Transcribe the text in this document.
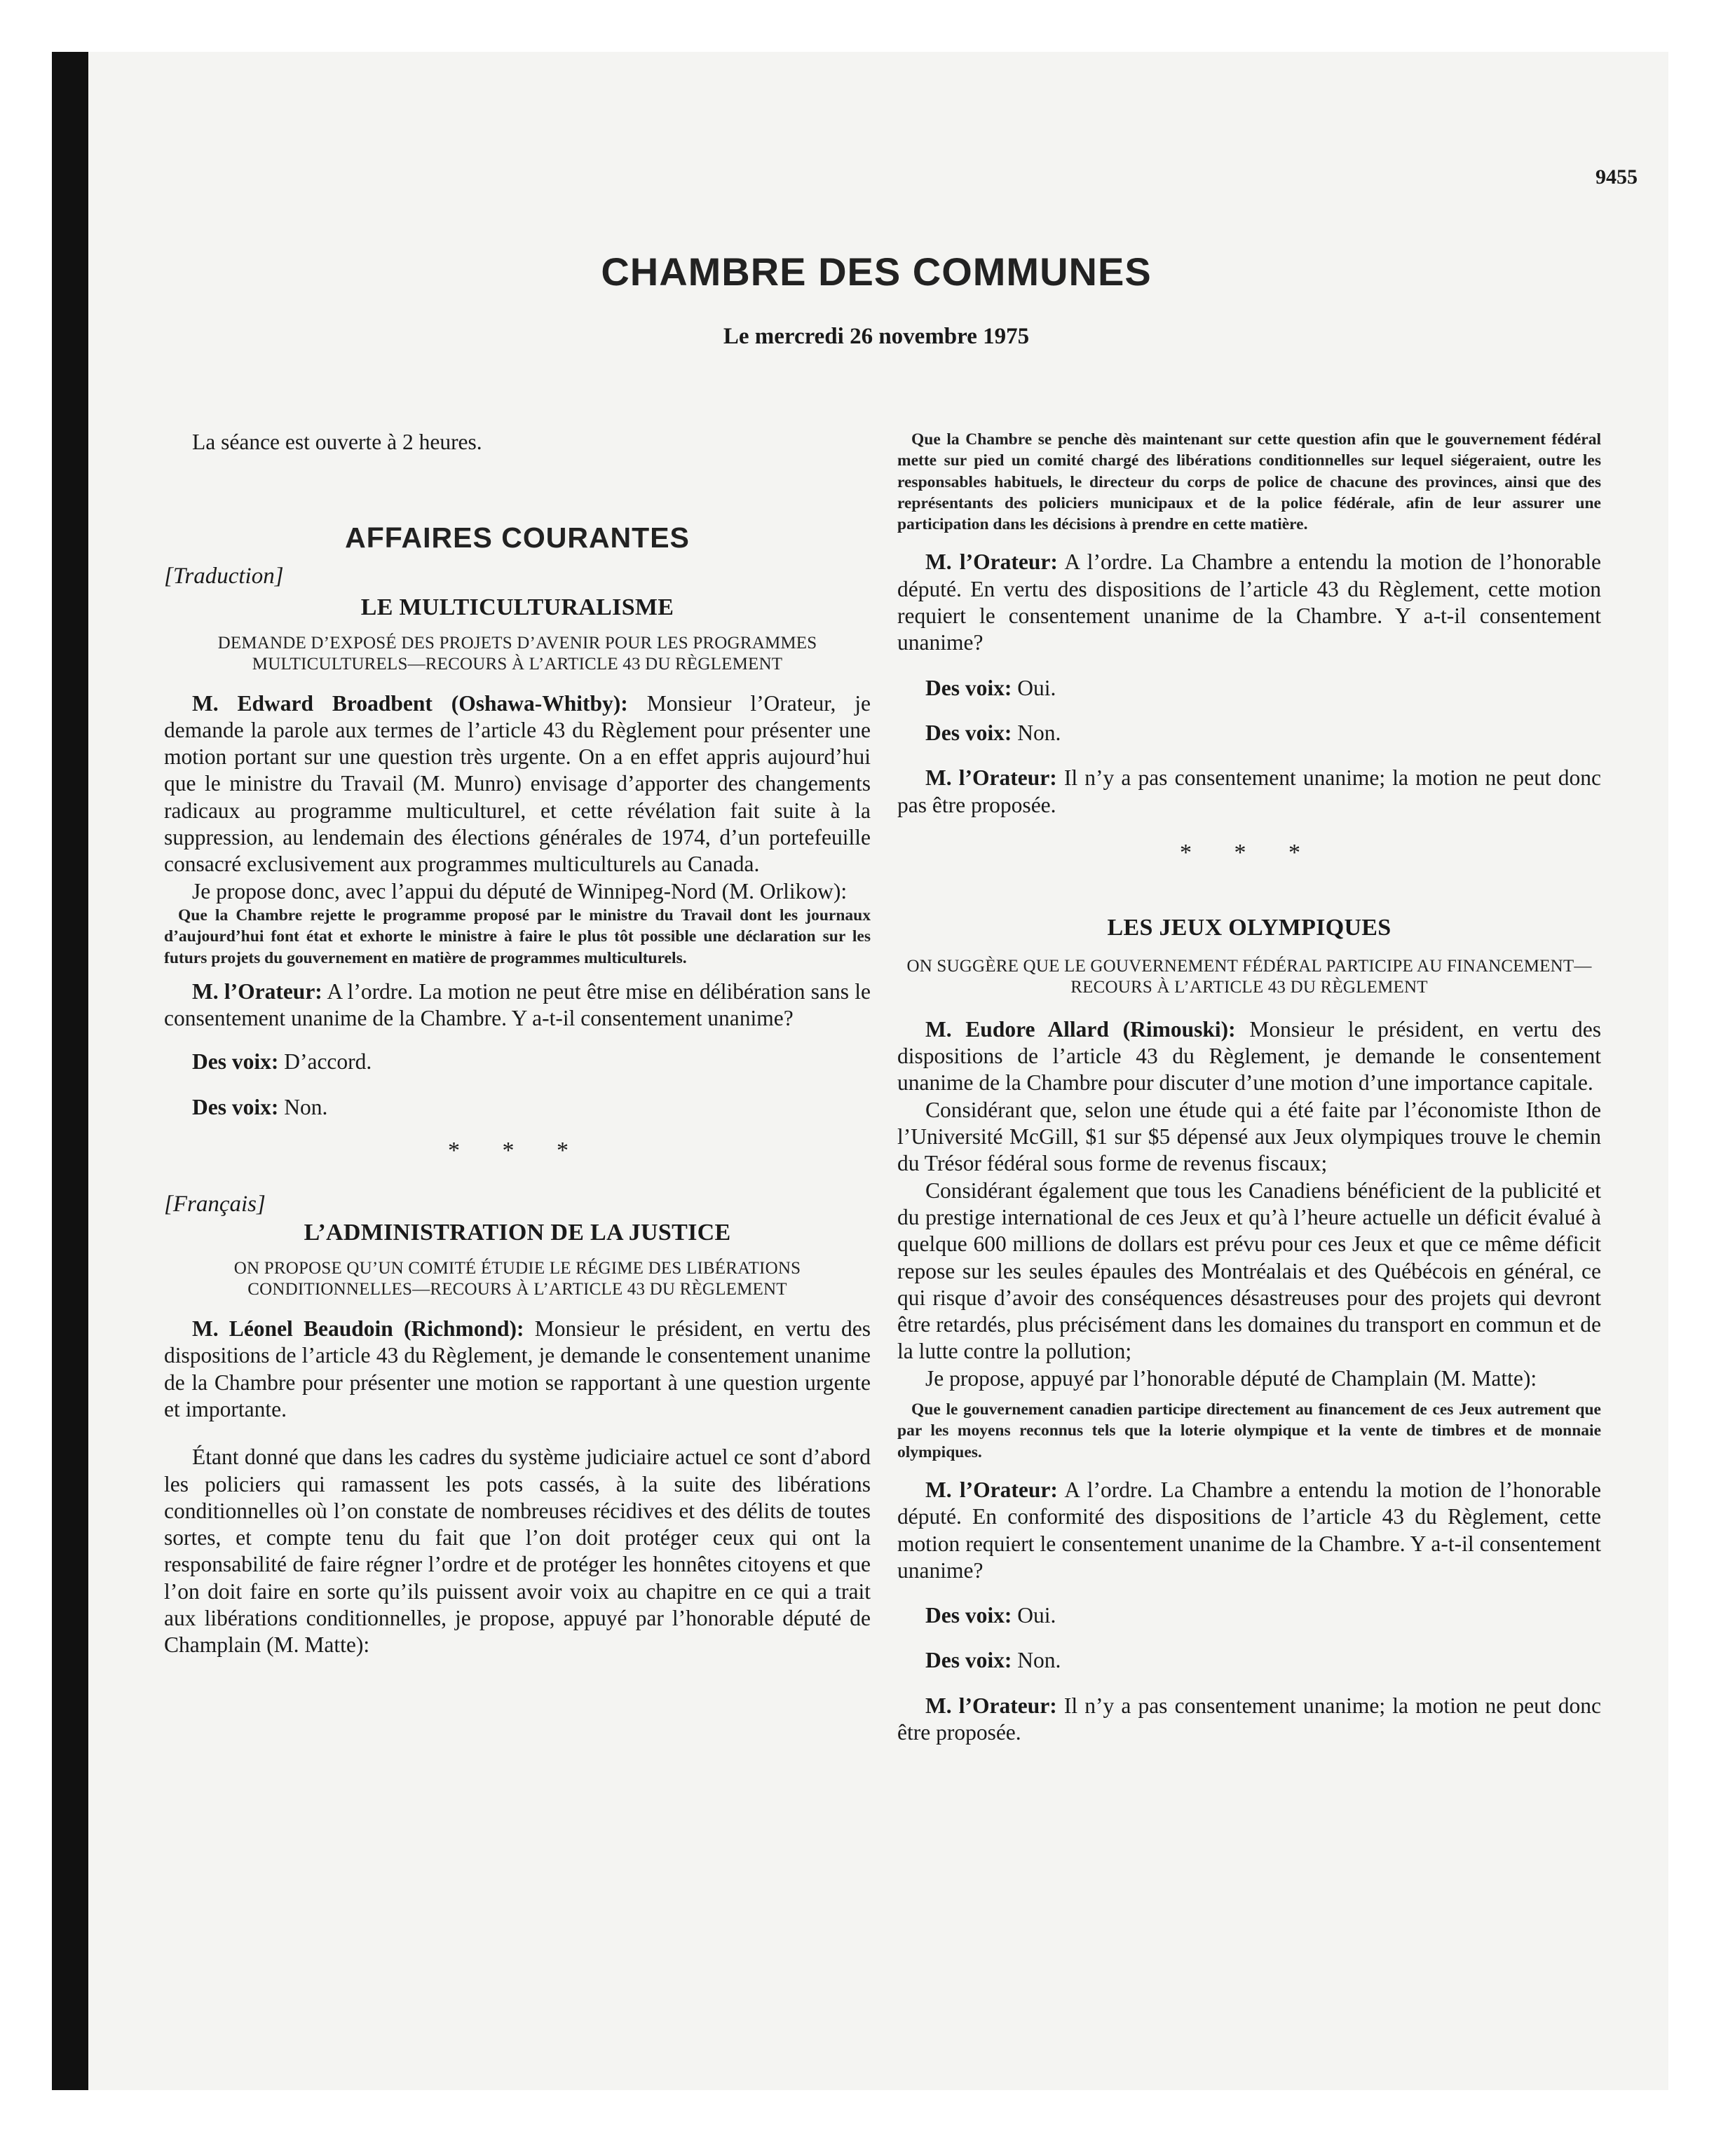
9455
CHAMBRE DES COMMUNES
Le mercredi 26 novembre 1975

La séance est ouverte à 2 heures.

AFFAIRES COURANTES
[Traduction]
LE MULTICULTURALISME
DEMANDE D’EXPOSÉ DES PROJETS D’AVENIR POUR LES PROGRAMMES MULTICULTURELS—RECOURS À L’ARTICLE 43 DU RÈGLEMENT

M. Edward Broadbent (Oshawa-Whitby): Monsieur l’Orateur, je demande la parole aux termes de l’article 43 du Règlement pour présenter une motion portant sur une question très urgente. On a en effet appris aujourd’hui que le ministre du Travail (M. Munro) envisage d’apporter des changements radicaux au programme multiculturel, et cette révélation fait suite à la suppression, au lendemain des élections générales de 1974, d’un portefeuille consacré exclusivement aux programmes multiculturels au Canada.

Je propose donc, avec l’appui du député de Winnipeg-Nord (M. Orlikow):

Que la Chambre rejette le programme proposé par le ministre du Travail dont les journaux d’aujourd’hui font état et exhorte le ministre à faire le plus tôt possible une déclaration sur les futurs projets du gouvernement en matière de programmes multiculturels.

M. l’Orateur: A l’ordre. La motion ne peut être mise en délibération sans le consentement unanime de la Chambre. Y a-t-il consentement unanime?

Des voix: D’accord.

Des voix: Non.

* * *
[Français]
L’ADMINISTRATION DE LA JUSTICE
ON PROPOSE QU’UN COMITÉ ÉTUDIE LE RÉGIME DES LIBÉRATIONS CONDITIONNELLES—RECOURS À L’ARTICLE 43 DU RÈGLEMENT

M. Léonel Beaudoin (Richmond): Monsieur le président, en vertu des dispositions de l’article 43 du Règlement, je demande le consentement unanime de la Chambre pour présenter une motion se rapportant à une question urgente et importante.

Étant donné que dans les cadres du système judiciaire actuel ce sont d’abord les policiers qui ramassent les pots cassés, à la suite des libérations conditionnelles où l’on constate de nombreuses récidives et des délits de toutes sortes, et compte tenu du fait que l’on doit protéger ceux qui ont la responsabilité de faire régner l’ordre et de protéger les honnêtes citoyens et que l’on doit faire en sorte qu’ils puissent avoir voix au chapitre en ce qui a trait aux libérations conditionnelles, je propose, appuyé par l’honorable député de Champlain (M. Matte):

Que la Chambre se penche dès maintenant sur cette question afin que le gouvernement fédéral mette sur pied un comité chargé des libérations conditionnelles sur lequel siégeraient, outre les responsables habituels, le directeur du corps de police de chacune des provinces, ainsi que des représentants des policiers municipaux et de la police fédérale, afin de leur assurer une participation dans les décisions à prendre en cette matière.

M. l’Orateur: A l’ordre. La Chambre a entendu la motion de l’honorable député. En vertu des dispositions de l’article 43 du Règlement, cette motion requiert le consentement unanime de la Chambre. Y a-t-il consentement unanime?

Des voix: Oui.

Des voix: Non.

M. l’Orateur: Il n’y a pas consentement unanime; la motion ne peut donc pas être proposée.

* * *
LES JEUX OLYMPIQUES
ON SUGGÈRE QUE LE GOUVERNEMENT FÉDÉRAL PARTICIPE AU FINANCEMENT—RECOURS À L’ARTICLE 43 DU RÈGLEMENT

M. Eudore Allard (Rimouski): Monsieur le président, en vertu des dispositions de l’article 43 du Règlement, je demande le consentement unanime de la Chambre pour discuter d’une motion d’une importance capitale.

Considérant que, selon une étude qui a été faite par l’économiste Ithon de l’Université McGill, $1 sur $5 dépensé aux Jeux olympiques trouve le chemin du Trésor fédéral sous forme de revenus fiscaux;

Considérant également que tous les Canadiens bénéficient de la publicité et du prestige international de ces Jeux et qu’à l’heure actuelle un déficit évalué à quelque 600 millions de dollars est prévu pour ces Jeux et que ce même déficit repose sur les seules épaules des Montréalais et des Québécois en général, ce qui risque d’avoir des conséquences désastreuses pour des projets qui devront être retardés, plus précisément dans les domaines du transport en commun et de la lutte contre la pollution;

Je propose, appuyé par l’honorable député de Champlain (M. Matte):

Que le gouvernement canadien participe directement au financement de ces Jeux autrement que par les moyens reconnus tels que la loterie olympique et la vente de timbres et de monnaie olympiques.

M. l’Orateur: A l’ordre. La Chambre a entendu la motion de l’honorable député. En conformité des dispositions de l’article 43 du Règlement, cette motion requiert le consentement unanime de la Chambre. Y a-t-il consentement unanime?

Des voix: Oui.

Des voix: Non.

M. l’Orateur: Il n’y a pas consentement unanime; la motion ne peut donc être proposée.
